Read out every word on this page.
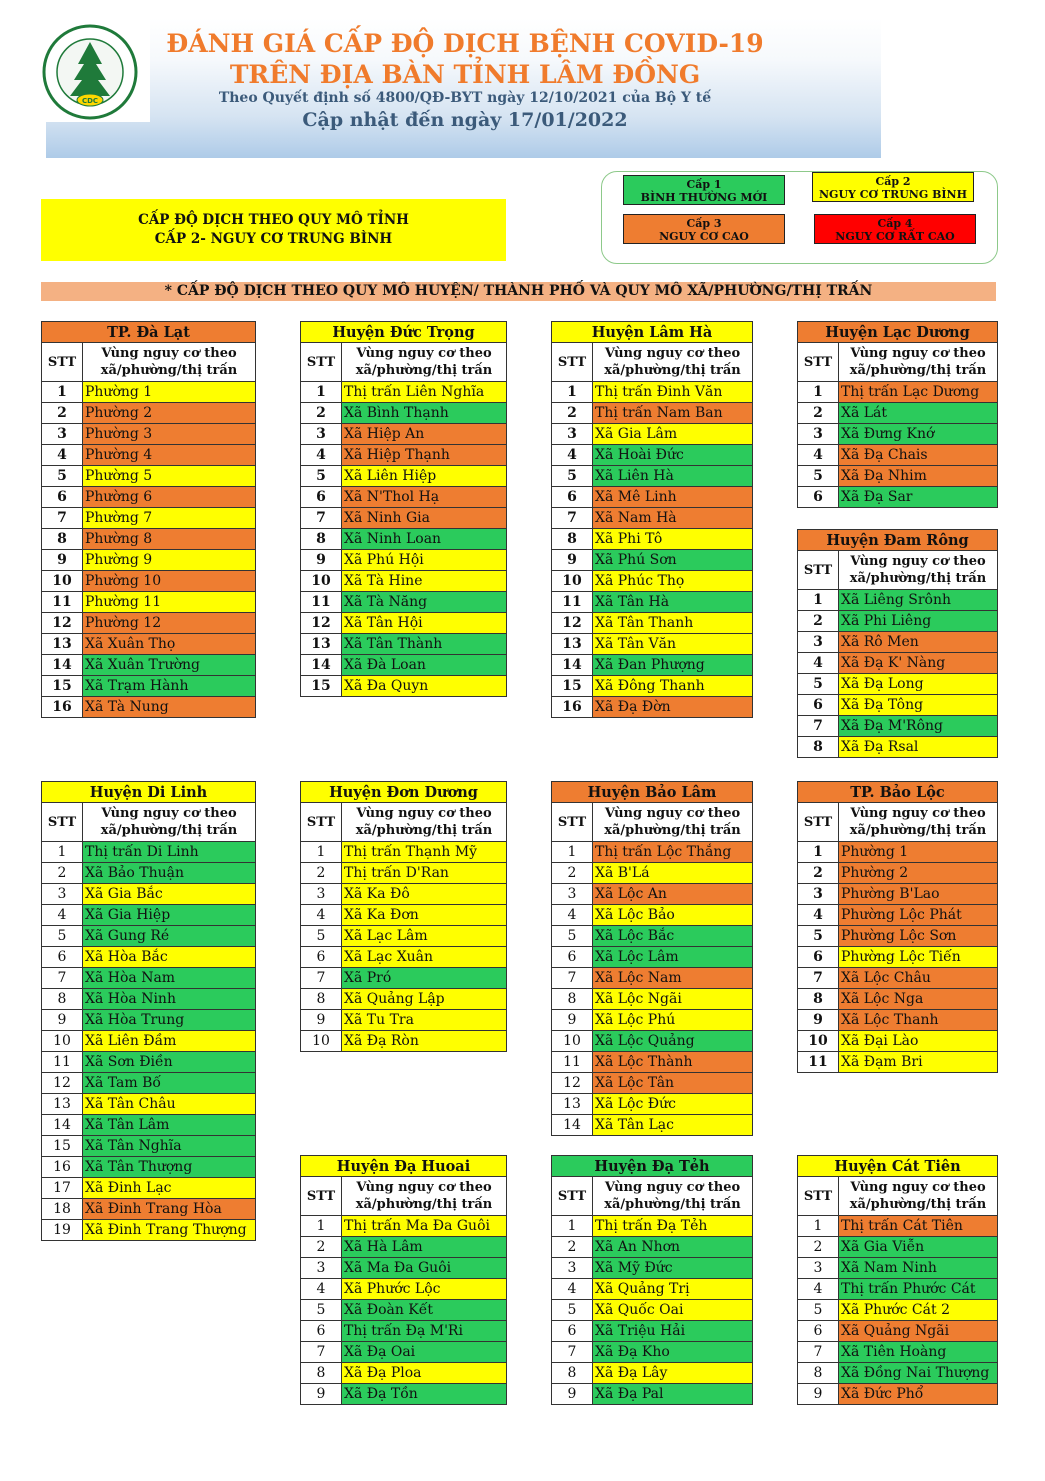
CDC
ĐÁNH GIÁ CẤP ĐỘ DỊCH BỆNH COVID-19
TRÊN ĐỊA BÀN TỈNH LÂM ĐỒNG
Theo Quyết định số 4800/QĐ-BYT ngày 12/10/2021 của Bộ Y tế
Cập nhật đến ngày 17/01/2022
CẤP ĐỘ DỊCH THEO QUY MÔ TỈNH
CẤP 2- NGUY CƠ TRUNG BÌNH
Cấp 1
BÌNH THƯỜNG MỚI
Cấp 2
NGUY CƠ TRUNG BÌNH
Cấp 3
NGUY CƠ CAO
Cấp 4
NGUY CƠ RẤT CAO
* CẤP ĐỘ DỊCH THEO QUY MÔ HUYỆN/ THÀNH PHỐ VÀ QUY MÔ XÃ/PHƯỜNG/THỊ TRẤN
TP. Đà Lạt	
STT	Vùng nguy cơ theo
xã/phường/thị trấn

1	Phường 1
2	Phường 2
3	Phường 3
4	Phường 4
5	Phường 5
6	Phường 6
7	Phường 7
8	Phường 8
9	Phường 9
10	Phường 10
11	Phường 11
12	Phường 12
13	Xã Xuân Thọ
14	Xã Xuân Trường
15	Xã Trạm Hành
16	Xã Tà Nung
Huyện Đức Trọng	
STT	Vùng nguy cơ theo
xã/phường/thị trấn

1	Thị trấn Liên Nghĩa
2	Xã Bình Thạnh
3	Xã Hiệp An
4	Xã Hiệp Thạnh
5	Xã Liên Hiệp
6	Xã N'Thol Hạ
7	Xã Ninh Gia
8	Xã Ninh Loan
9	Xã Phú Hội
10	Xã Tà Hine
11	Xã Tà Năng
12	Xã Tân Hội
13	Xã Tân Thành
14	Xã Đà Loan
15	Xã Đa Quyn
Huyện Lâm Hà	
STT	Vùng nguy cơ theo
xã/phường/thị trấn

1	Thị trấn Đinh Văn
2	Thị trấn Nam Ban
3	Xã Gia Lâm
4	Xã Hoài Đức
5	Xã Liên Hà
6	Xã Mê Linh
7	Xã Nam Hà
8	Xã Phi Tô
9	Xã Phú Sơn
10	Xã Phúc Thọ
11	Xã Tân Hà
12	Xã Tân Thanh
13	Xã Tân Văn
14	Xã Đan Phượng
15	Xã Đông Thanh
16	Xã Đạ Đờn
Huyện Lạc Dương	
STT	Vùng nguy cơ theo
xã/phường/thị trấn

1	Thị trấn Lạc Dương
2	Xã Lát
3	Xã Đưng Knớ
4	Xã Đạ Chais
5	Xã Đạ Nhim
6	Xã Đạ Sar
Huyện Đam Rông	
STT	Vùng nguy cơ theo
xã/phường/thị trấn

1	Xã Liêng Srônh
2	Xã Phi Liêng
3	Xã Rô Men
4	Xã Đạ K' Nàng
5	Xã Đạ Long
6	Xã Đạ Tông
7	Xã Đạ M'Rông
8	Xã Đạ Rsal
Huyện Di Linh	
STT	Vùng nguy cơ theo
xã/phường/thị trấn

1	Thị trấn Di Linh
2	Xã Bảo Thuận
3	Xã Gia Bắc
4	Xã Gia Hiệp
5	Xã Gung Ré
6	Xã Hòa Bắc
7	Xã Hòa Nam
8	Xã Hòa Ninh
9	Xã Hòa Trung
10	Xã Liên Đầm
11	Xã Sơn Điền
12	Xã Tam Bố
13	Xã Tân Châu
14	Xã Tân Lâm
15	Xã Tân Nghĩa
16	Xã Tân Thượng
17	Xã Đinh Lạc
18	Xã Đinh Trang Hòa
19	Xã Đinh Trang Thượng
Huyện Đơn Dương	
STT	Vùng nguy cơ theo
xã/phường/thị trấn

1	Thị trấn Thạnh Mỹ
2	Thị trấn D'Ran
3	Xã Ka Đô
4	Xã Ka Đơn
5	Xã Lạc Lâm
6	Xã Lạc Xuân
7	Xã Pró
8	Xã Quảng Lập
9	Xã Tu Tra
10	Xã Đạ Ròn
Huyện Bảo Lâm	
STT	Vùng nguy cơ theo
xã/phường/thị trấn

1	Thị trấn Lộc Thắng
2	Xã B'Lá
3	Xã Lộc An
4	Xã Lộc Bảo
5	Xã Lộc Bắc
6	Xã Lộc Lâm
7	Xã Lộc Nam
8	Xã Lộc Ngãi
9	Xã Lộc Phú
10	Xã Lộc Quảng
11	Xã Lộc Thành
12	Xã Lộc Tân
13	Xã Lộc Đức
14	Xã Tân Lạc
TP. Bảo Lộc	
STT	Vùng nguy cơ theo
xã/phường/thị trấn

1	Phường 1
2	Phường 2
3	Phường B'Lao
4	Phường Lộc Phát
5	Phường Lộc Sơn
6	Phường Lộc Tiến
7	Xã Lộc Châu
8	Xã Lộc Nga
9	Xã Lộc Thanh
10	Xã Đại Lào
11	Xã Đạm Bri
Huyện Đạ Huoai	
STT	Vùng nguy cơ theo
xã/phường/thị trấn

1	Thị trấn Ma Đa Guôi
2	Xã Hà Lâm
3	Xã Ma Đa Guôi
4	Xã Phước Lộc
5	Xã Đoàn Kết
6	Thị trấn Đạ M'Ri
7	Xã Đạ Oai
8	Xã Đạ Ploa
9	Xã Đạ Tồn
Huyện Đạ Tẻh	
STT	Vùng nguy cơ theo
xã/phường/thị trấn

1	Thị trấn Đạ Tẻh
2	Xã An Nhơn
3	Xã Mỹ Đức
4	Xã Quảng Trị
5	Xã Quốc Oai
6	Xã Triệu Hải
7	Xã Đạ Kho
8	Xã Đạ Lây
9	Xã Đạ Pal
Huyện Cát Tiên	
STT	Vùng nguy cơ theo
xã/phường/thị trấn

1	Thị trấn Cát Tiên
2	Xã Gia Viễn
3	Xã Nam Ninh
4	Thị trấn Phước Cát
5	Xã Phước Cát 2
6	Xã Quảng Ngãi
7	Xã Tiên Hoàng
8	Xã Đồng Nai Thượng
9	Xã Đức Phổ
